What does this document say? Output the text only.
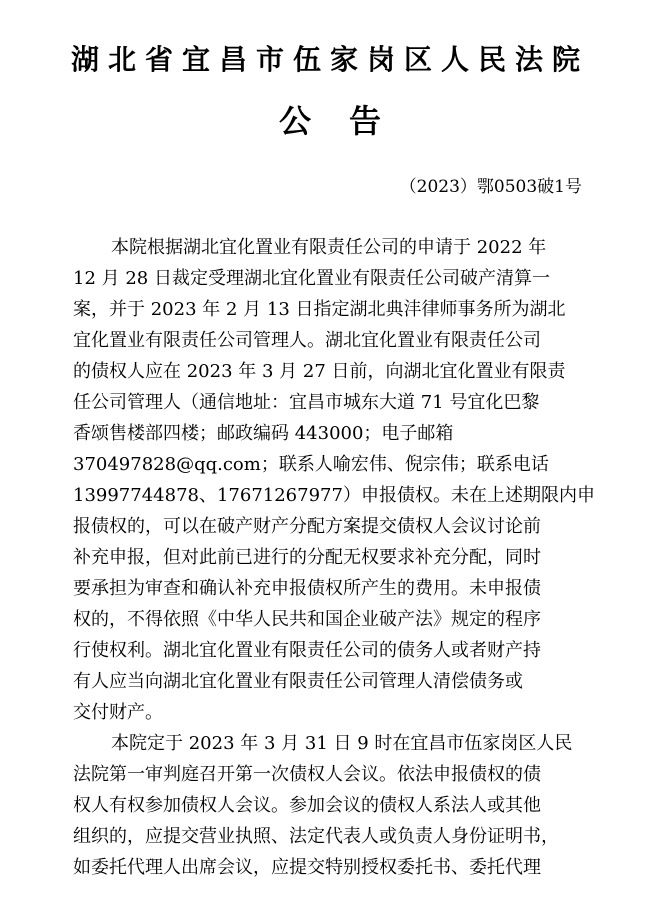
湖北省宜昌市伍家岗区人民法院
公告
（2023）鄂0503破1号
本院根据湖北宜化置业有限责任公司的申请于 2022 年
12 月 28 日裁定受理湖北宜化置业有限责任公司破产清算一
案，并于 2023 年 2 月 13 日指定湖北典沣律师事务所为湖北
宜化置业有限责任公司管理人。湖北宜化置业有限责任公司
的债权人应在 2023 年 3 月 27 日前，向湖北宜化置业有限责
任公司管理人（通信地址：宜昌市城东大道 71 号宜化巴黎
香颂售楼部四楼；邮政编码 443000；电子邮箱
370497828@qq.com；联系人喻宏伟、倪宗伟；联系电话
13997744878、17671267977）申报债权。未在上述期限内申
报债权的，可以在破产财产分配方案提交债权人会议讨论前
补充申报，但对此前已进行的分配无权要求补充分配，同时
要承担为审查和确认补充申报债权所产生的费用。未申报债
权的，不得依照《中华人民共和国企业破产法》规定的程序
行使权利。湖北宜化置业有限责任公司的债务人或者财产持
有人应当向湖北宜化置业有限责任公司管理人清偿债务或
交付财产。
本院定于 2023 年 3 月 31 日 9 时在宜昌市伍家岗区人民
法院第一审判庭召开第一次债权人会议。依法申报债权的债
权人有权参加债权人会议。参加会议的债权人系法人或其他
组织的，应提交营业执照、法定代表人或负责人身份证明书，
如委托代理人出席会议，应提交特别授权委托书、委托代理
